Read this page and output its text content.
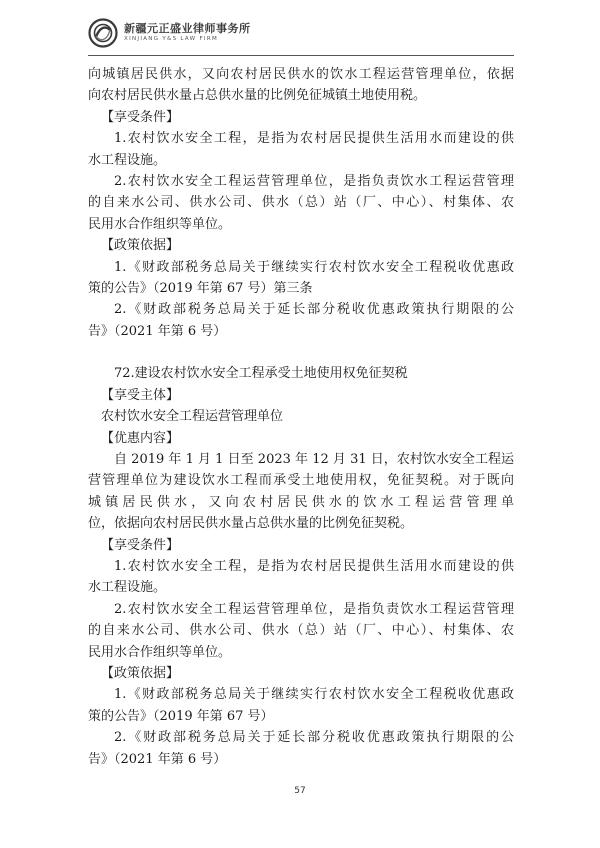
新疆元正盛业律师事务所
XINJIANG Y&S LAW FIRM
向城镇居民供水，又向农村居民供水的饮水工程运营管理单位，依据
向农村居民供水量占总供水量的比例免征城镇土地使用税。
【享受条件】
1.农村饮水安全工程，是指为农村居民提供生活用水而建设的供
水工程设施。
2.农村饮水安全工程运营管理单位，是指负责饮水工程运营管理
的自来水公司、供水公司、供水（总）站（厂、中心）、村集体、农
民用水合作组织等单位。
【政策依据】
1.《财政部税务总局关于继续实行农村饮水安全工程税收优惠政
策的公告》（2019 年第 67 号）第三条
2.《财政部税务总局关于延长部分税收优惠政策执行期限的公
告》（2021 年第 6 号）
72.建设农村饮水安全工程承受土地使用权免征契税
【享受主体】
农村饮水安全工程运营管理单位
【优惠内容】
自 2019 年 1 月 1 日至 2023 年 12 月 31 日，农村饮水安全工程运
营管理单位为建设饮水工程而承受土地使用权，免征契税。对于既向
城镇居民供水，又向农村居民供水的饮水工程运营管理单
位，依据向农村居民供水量占总供水量的比例免征契税。
【享受条件】
1.农村饮水安全工程，是指为农村居民提供生活用水而建设的供
水工程设施。
2.农村饮水安全工程运营管理单位，是指负责饮水工程运营管理
的自来水公司、供水公司、供水（总）站（厂、中心）、村集体、农
民用水合作组织等单位。
【政策依据】
1.《财政部税务总局关于继续实行农村饮水安全工程税收优惠政
策的公告》（2019 年第 67 号）
2.《财政部税务总局关于延长部分税收优惠政策执行期限的公
告》（2021 年第 6 号）
57
